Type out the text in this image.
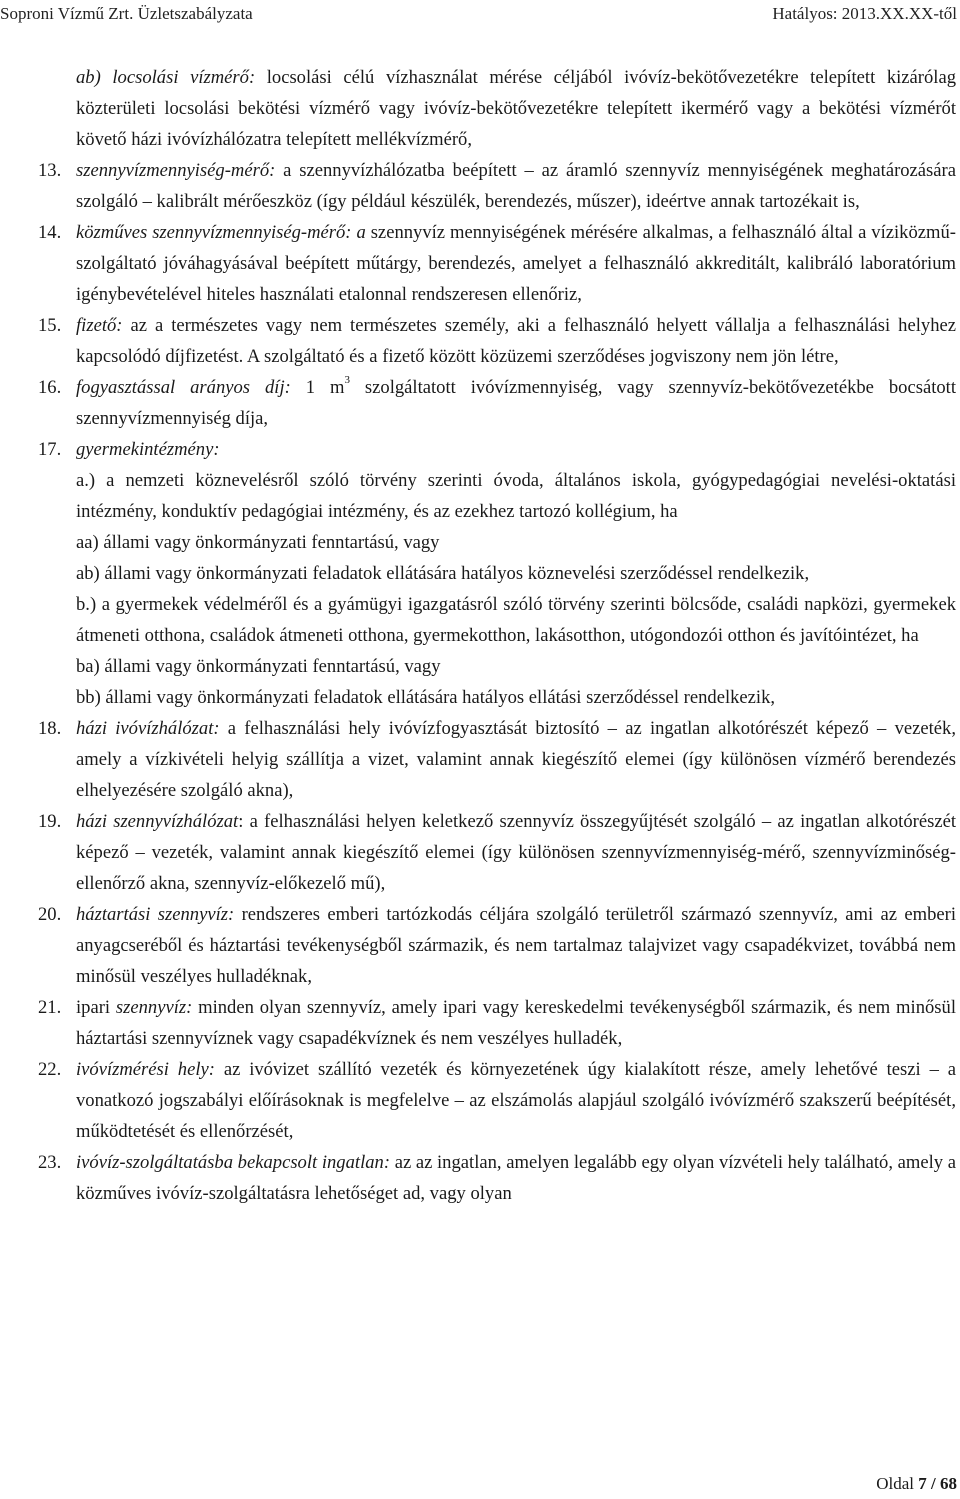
Soproni Vízmű Zrt. Üzletszabályzata	Hatályos: 2013.XX.XX-től

ab) locsolási vízmérő: locsolási célú vízhasználat mérése céljából ivóvíz-bekötővezetékre telepített kizárólag közterületi locsolási bekötési vízmérő vagy ivóvíz-bekötővezetékre telepített ikermérő vagy a bekötési vízmérőt követő házi ivóvízhálózatra telepített mellékvízmérő,

13. szennyvízmennyiség-mérő: a szennyvízhálózatba beépített – az áramló szennyvíz mennyiségének meghatározására szolgáló – kalibrált mérőeszköz (így például készülék, berendezés, műszer), ideértve annak tartozékait is,

14. közműves szennyvízmennyiség-mérő: a szennyvíz mennyiségének mérésére alkalmas, a felhasználó által a víziközmű-szolgáltató jóváhagyásával beépített műtárgy, berendezés, amelyet a felhasználó akkreditált, kalibráló laboratórium igénybevételével hiteles használati etalonnal rendszeresen ellenőriz,

15. fizető: az a természetes vagy nem természetes személy, aki a felhasználó helyett vállalja a felhasználási helyhez kapcsolódó díjfizetést. A szolgáltató és a fizető között közüzemi szerződéses jogviszony nem jön létre,

16. fogyasztással arányos díj: 1 $m^3$ szolgáltatott ivóvízmennyiség, vagy szennyvíz-bekötővezetékbe bocsátott szennyvízmennyiség díja,

17. gyermekintézmény:

a.) a nemzeti köznevelésről szóló törvény szerinti óvoda, általános iskola, gyógypedagógiai nevelési-oktatási intézmény, konduktív pedagógiai intézmény, és az ezekhez tartozó kollégium, ha

aa) állami vagy önkormányzati fenntartású, vagy

ab) állami vagy önkormányzati feladatok ellátására hatályos köznevelési szerződéssel rendelkezik,

b.) a gyermekek védelméről és a gyámügyi igazgatásról szóló törvény szerinti bölcsőde, családi napközi, gyermekek átmeneti otthona, családok átmeneti otthona, gyermekotthon, lakásotthon, utógondozói otthon és javítóintézet, ha

ba) állami vagy önkormányzati fenntartású, vagy

bb) állami vagy önkormányzati feladatok ellátására hatályos ellátási szerződéssel rendelkezik,

18. házi ivóvízhálózat: a felhasználási hely ivóvízfogyasztását biztosító – az ingatlan alkotórészét képező – vezeték, amely a vízkivételi helyig szállítja a vizet, valamint annak kiegészítő elemei (így különösen vízmérő berendezés elhelyezésére szolgáló akna),

19. házi szennyvízhálózat: a felhasználási helyen keletkező szennyvíz összegyűjtését szolgáló – az ingatlan alkotórészét képező – vezeték, valamint annak kiegészítő elemei (így különösen szennyvízmennyiség-mérő, szennyvízminőség-ellenőrző akna, szennyvíz-előkezelő mű),

20. háztartási szennyvíz: rendszeres emberi tartózkodás céljára szolgáló területről származó szennyvíz, ami az emberi anyagcseréből és háztartási tevékenységből származik, és nem tartalmaz talajvizet vagy csapadékvizet, továbbá nem minősül veszélyes hulladéknak,

21. ipari szennyvíz: minden olyan szennyvíz, amely ipari vagy kereskedelmi tevékenységből származik, és nem minősül háztartási szennyvíznek vagy csapadékvíznek és nem veszélyes hulladék,

22. ivóvízmérési hely: az ivóvizet szállító vezeték és környezetének úgy kialakított része, amely lehetővé teszi – a vonatkozó jogszabályi előírásoknak is megfelelve – az elszámolás alapjául szolgáló ivóvízmérő szakszerű beépítését, működtetését és ellenőrzését,

23. ivóvíz-szolgáltatásba bekapcsolt ingatlan: az az ingatlan, amelyen legalább egy olyan vízvételi hely található, amely a közműves ivóvíz-szolgáltatásra lehetőséget ad, vagy olyan

Oldal 7 / 68
